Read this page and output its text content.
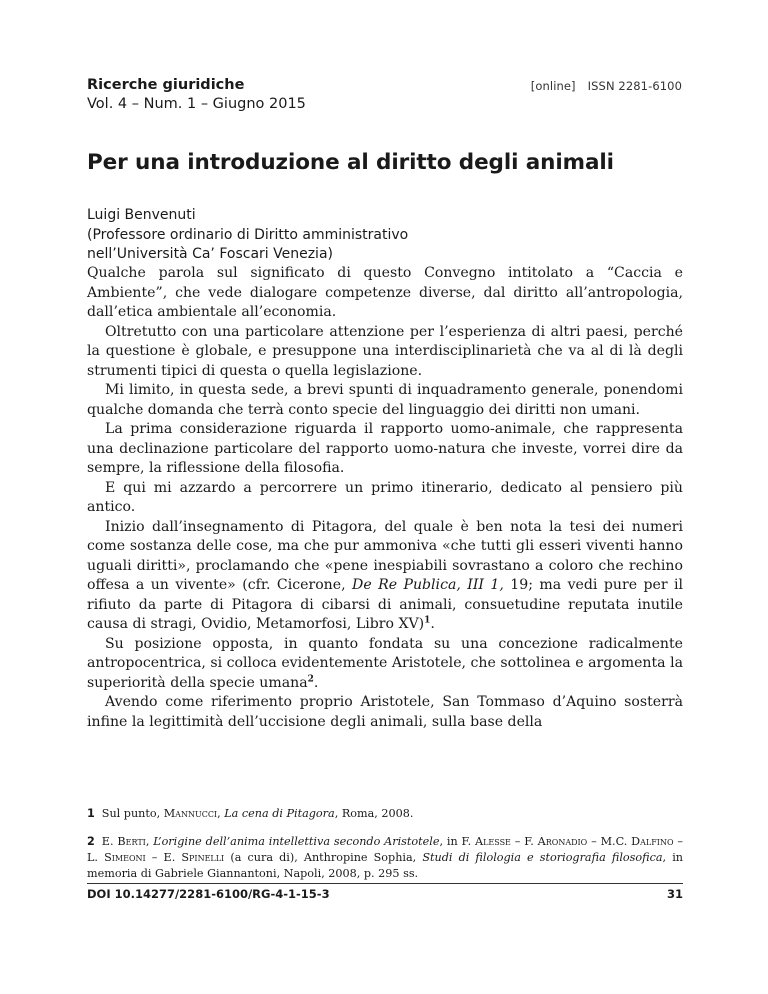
Ricerche giuridiche
Vol. 4 – Num. 1 – Giugno 2015
[online] ISSN 2281-6100
Per una introduzione al diritto degli animali
Luigi Benvenuti
(Professore ordinario di Diritto amministrativo
nell’Università Ca’ Foscari Venezia)

Qualche parola sul significato di questo Convegno intitolato a “Caccia e Ambiente”, che vede dialogare competenze diverse, dal diritto all’antropologia, dall’etica ambientale all’economia.

Oltretutto con una particolare attenzione per l’esperienza di altri paesi, perché la questione è globale, e presuppone una interdisciplinarietà che va al di là degli strumenti tipici di questa o quella legislazione.

Mi limito, in questa sede, a brevi spunti di inquadramento generale, ponendomi qualche domanda che terrà conto specie del linguaggio dei diritti non umani.

La prima considerazione riguarda il rapporto uomo-animale, che rappresenta una declinazione particolare del rapporto uomo-natura che investe, vorrei dire da sempre, la riflessione della filosofia.

E qui mi azzardo a percorrere un primo itinerario, dedicato al pensiero più antico.

Inizio dall’insegnamento di Pitagora, del quale è ben nota la tesi dei numeri come sostanza delle cose, ma che pur ammoniva «che tutti gli esseri viventi hanno uguali diritti», proclamando che «pene inespiabili sovrastano a coloro che rechino offesa a un vivente» (cfr. Cicerone, De Re Publica, III 1, 19; ma vedi pure per il rifiuto da parte di Pitagora di cibarsi di animali, consuetudine reputata inutile causa di stragi, Ovidio, Metamorfosi, Libro XV)$^1$.

Su posizione opposta, in quanto fondata su una concezione radicalmente antropocentrica, si colloca evidentemente Aristotele, che sottolinea e argomenta la superiorità della specie umana$^2$.

Avendo come riferimento proprio Aristotele, San Tommaso d’Aquino sosterrà infine la legittimità dell’uccisione degli animali, sulla base della

1 Sul punto, Mannucci, La cena di Pitagora, Roma, 2008.
2 E. Berti, L’origine dell’anima intellettiva secondo Aristotele, in F. Alesse – F. Aronadio – M.C. Dalfino – L. Simeoni – E. Spinelli (a cura di), Anthropine Sophia, Studi di filologia e storiografia filosofica, in memoria di Gabriele Giannantoni, Napoli, 2008, p. 295 ss.
DOI 10.14277/2281-6100/RG-4-1-15-3	31
